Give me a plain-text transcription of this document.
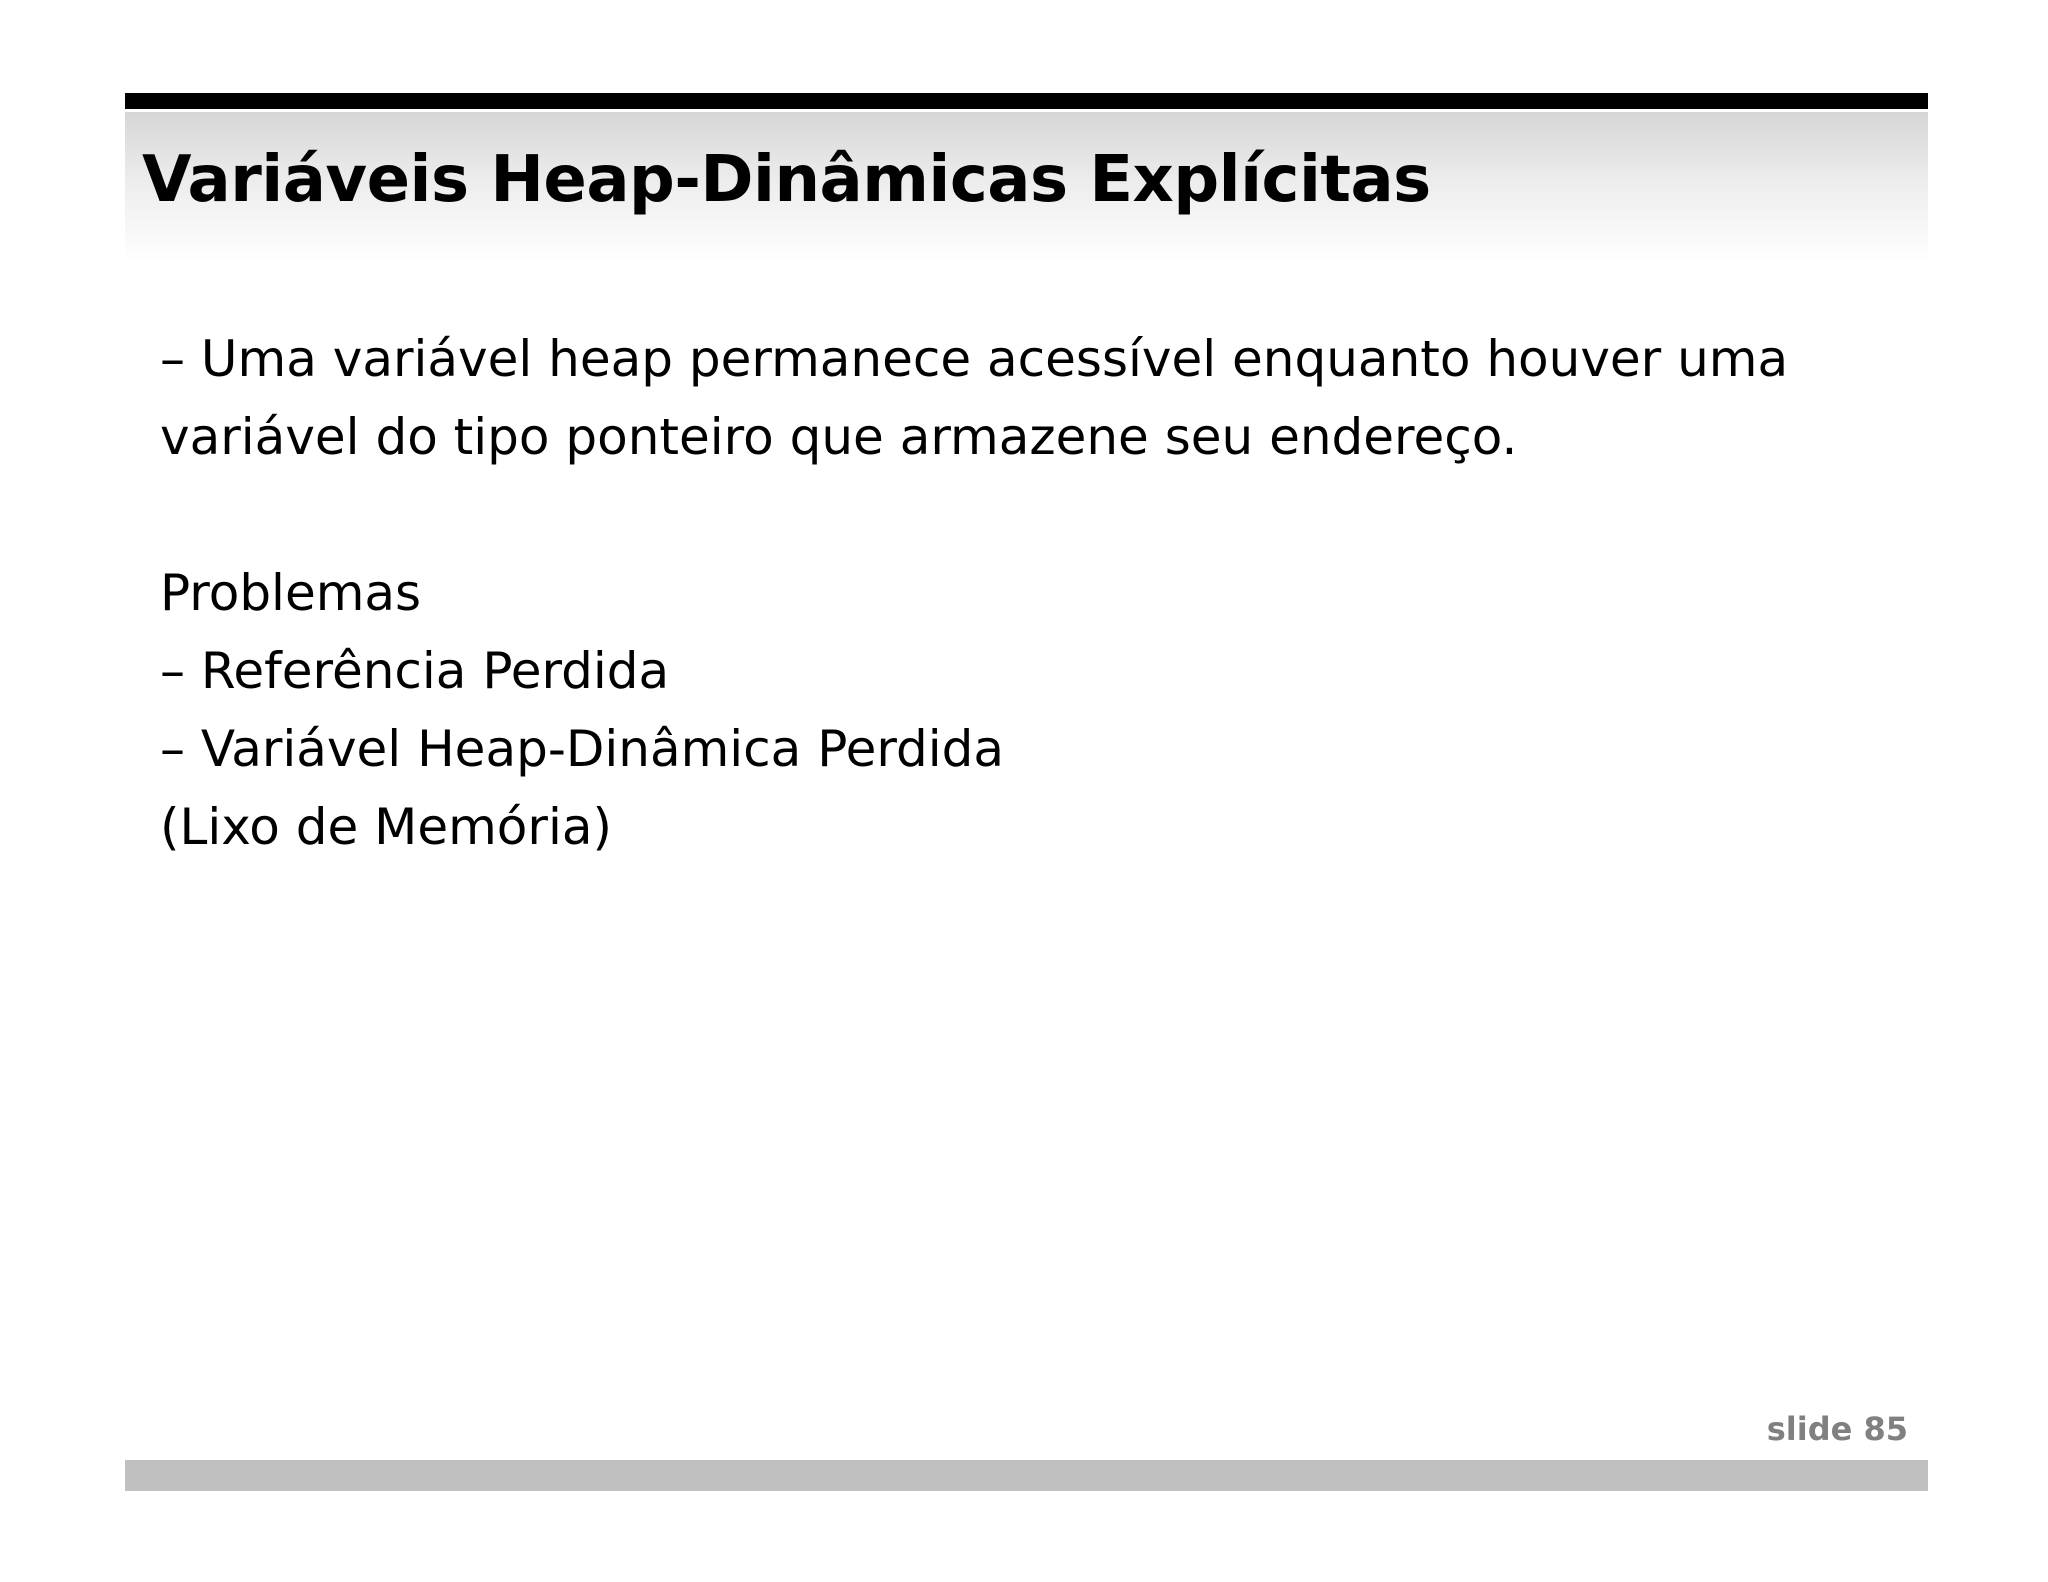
Variáveis Heap-Dinâmicas Explícitas
– Uma variável heap permanece acessível enquanto houver uma
variável do tipo ponteiro que armazene seu endereço.
Problemas
– Referência Perdida
– Variável Heap-Dinâmica Perdida
(Lixo de Memória)
slide 85
